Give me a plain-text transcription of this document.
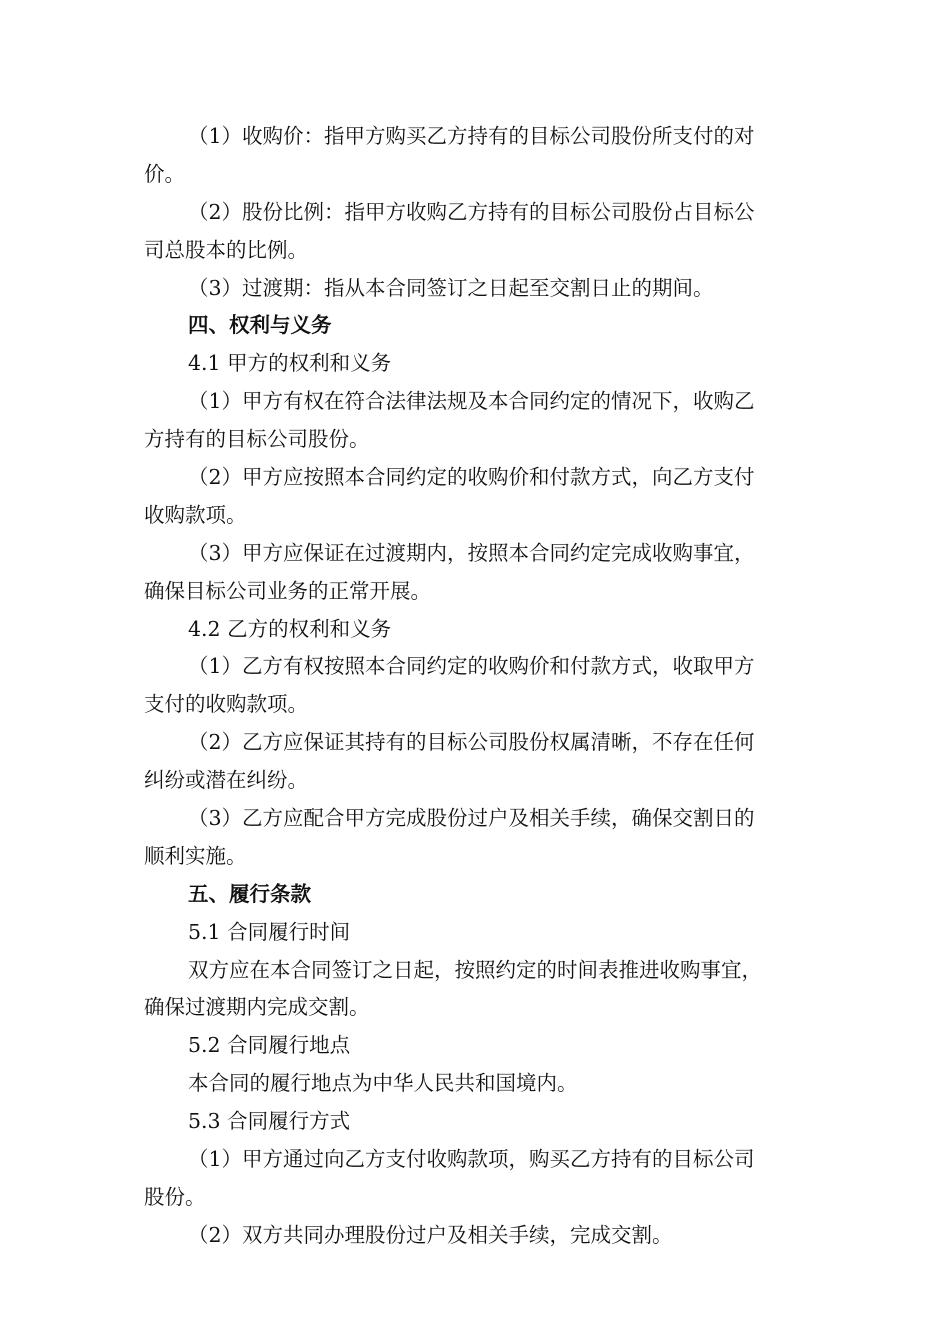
（1）收购价：指甲方购买乙方持有的目标公司股份所支付的对
价。
（2）股份比例：指甲方收购乙方持有的目标公司股份占目标公
司总股本的比例。
（3）过渡期：指从本合同签订之日起至交割日止的期间。
四、权利与义务
4.1 甲方的权利和义务
（1）甲方有权在符合法律法规及本合同约定的情况下，收购乙
方持有的目标公司股份。
（2）甲方应按照本合同约定的收购价和付款方式，向乙方支付
收购款项。
（3）甲方应保证在过渡期内，按照本合同约定完成收购事宜，
确保目标公司业务的正常开展。
4.2 乙方的权利和义务
（1）乙方有权按照本合同约定的收购价和付款方式，收取甲方
支付的收购款项。
（2）乙方应保证其持有的目标公司股份权属清晰，不存在任何
纠纷或潜在纠纷。
（3）乙方应配合甲方完成股份过户及相关手续，确保交割日的
顺利实施。
五、履行条款
5.1 合同履行时间
双方应在本合同签订之日起，按照约定的时间表推进收购事宜，
确保过渡期内完成交割。
5.2 合同履行地点
本合同的履行地点为中华人民共和国境内。
5.3 合同履行方式
（1）甲方通过向乙方支付收购款项，购买乙方持有的目标公司
股份。
（2）双方共同办理股份过户及相关手续，完成交割。
